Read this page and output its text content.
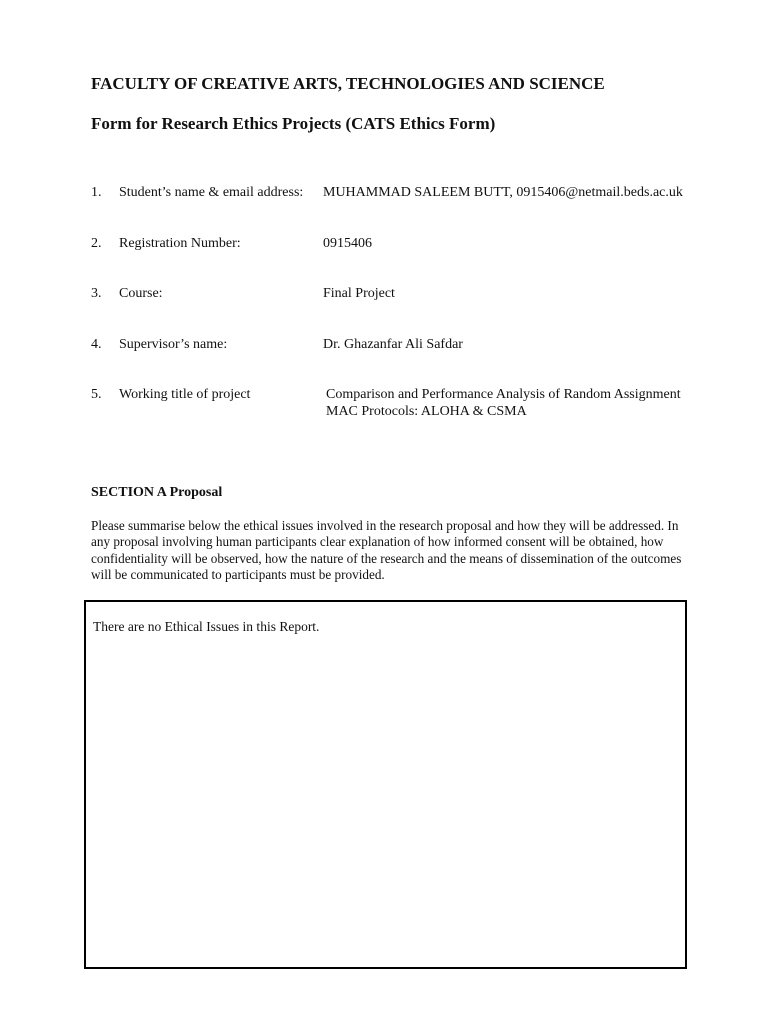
FACULTY OF CREATIVE ARTS, TECHNOLOGIES AND SCIENCE
Form for Research Ethics Projects (CATS Ethics Form)
1. Student’s name & email address: MUHAMMAD SALEEM BUTT, 0915406@netmail.beds.ac.uk
2. Registration Number:	0915406
3. Course:	Final Project
4. Supervisor’s name:	Dr. Ghazanfar Ali Safdar
5. Working title of project	Comparison and Performance Analysis of Random Assignment MAC Protocols: ALOHA & CSMA
SECTION A Proposal
Please summarise below the ethical issues involved in the research proposal and how they will be addressed. In any proposal involving human participants clear explanation of how informed consent will be obtained, how confidentiality will be observed, how the nature of the research and the means of dissemination of the outcomes will be communicated to participants must be provided.
There are no Ethical Issues in this Report.
